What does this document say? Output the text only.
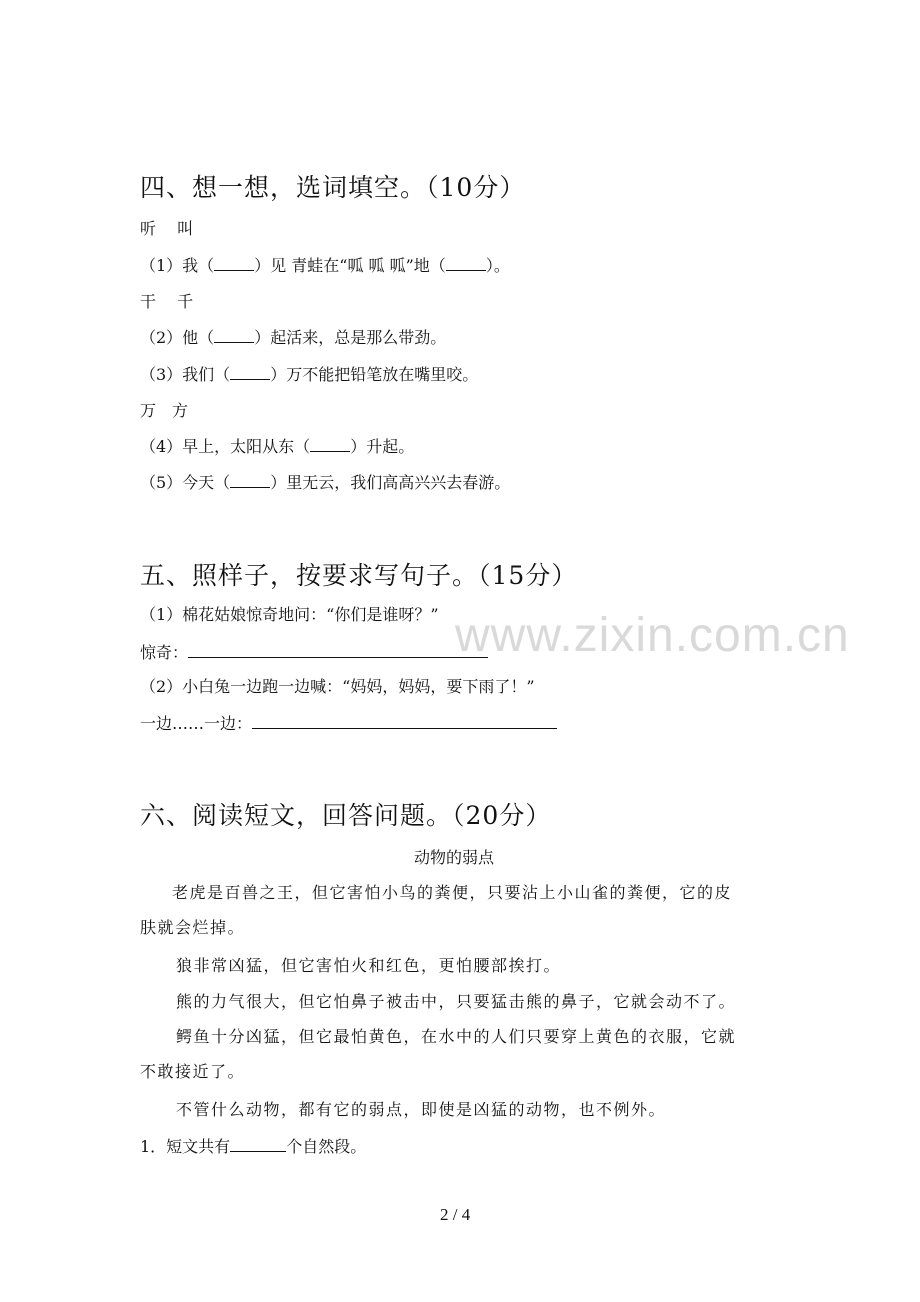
www.zixin.com.cn
四、想一想，选词填空。（10分）
听　 叫
（1）我（	）见 青蛙在“呱 呱 呱”地（	）。
干　 千
（2）他（	）起活来，总是那么带劲。
（3）我们（	）万不能把铅笔放在嘴里咬。
万　方
（4）早上，太阳从东（	）升起。
（5）今天（	）里无云，我们高高兴兴去春游。
五、照样子，按要求写句子。（15分）
（1）棉花姑娘惊奇地问：“你们是谁呀？”
惊奇：
（2）小白兔一边跑一边喊：“妈妈，妈妈，要下雨了！”
一边……一边：
六、阅读短文，回答问题。（20分）
动物的弱点
老虎是百兽之王，但它害怕小鸟的粪便，只要沾上小山雀的粪便，它的皮
肤就会烂掉。
狼非常凶猛，但它害怕火和红色，更怕腰部挨打。
熊的力气很大，但它怕鼻子被击中，只要猛击熊的鼻子，它就会动不了。
鳄鱼十分凶猛，但它最怕黄色，在水中的人们只要穿上黄色的衣服，它就
不敢接近了。
不管什么动物，都有它的弱点，即使是凶猛的动物，也不例外。
1．短文共有	个自然段。
2 / 4
